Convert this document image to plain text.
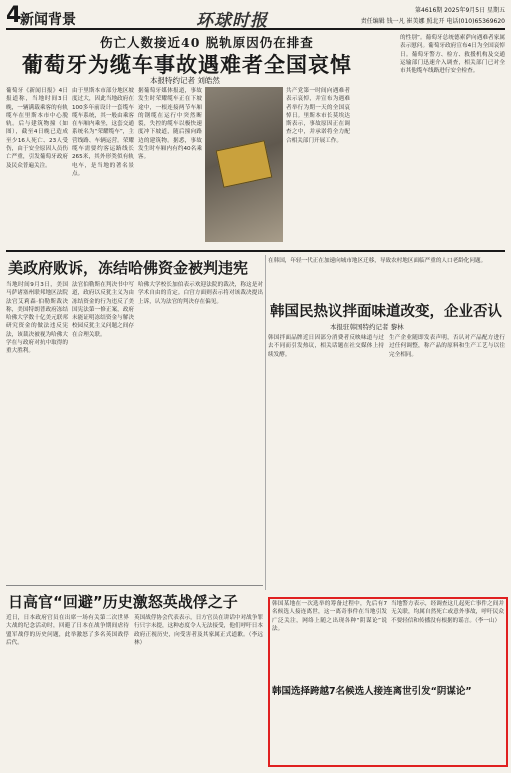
4
新闻背景	环球时报
第4616期 2025年9月5日 星期五
责任编辑 钱一凡 崔美娜 照北开 电话(010)65369620
伤亡人数接近40 脱轨原因仍在排查
葡萄牙为缆车事故遇难者全国哀悼
本报特约记者 刘皓然
葡萄牙《新闻日报》4日报道称，当地时间3日晚，一辆满载乘客的有轨缆车在里斯本市中心脱轨。后与建筑物撞（如图），截至4日晚已造成至少16人死亡、23人受伤，由于安全原因人员伤亡严重，引发葡萄牙政府及民众普遍关注。
由于里斯本市部分地区坡度过大，因此当地政府在100多年前设计一套缆车缆车系统，其一般由乘客在车厢内乘坐，这套交通系统名为“荣耀缆车”，主营线路、车辆运营。荣耀缆车需要约客运路线长265米，其外形类似有轨电车，是当地的著名景点。
据葡萄牙媒体报道，事故发生时荣耀缆车正在下坡途中，一根连接两节车厢的钢缆在运行中突然断裂，失控的缆车以极快速度冲下坡道，随后撞向路边的建筑物。据悉，事故发生时车厢内有约40名乘客。
共产党第一时间向遇难者表示哀悼，并宣布为遇难者举行为期一天的全国哀悼日。里斯本市长莫埃达斯表示，事故原因正在调查之中，并承诺将全力配合相关部门开展工作。
的性别”。葡萄牙总统德索萨向遇难者家属表示慰问。葡萄牙政府宣布4日为全国哀悼日。葡萄牙警方、检方、救援机构及交通运输部门迅速介入调查，相关部门已对全市其他缆车线路进行安全检查。
美政府败诉，冻结哈佛资金被判违宪
当地时间9月3日，美国马萨诸塞州联邦地区法院法官艾莉森·伯勒斯裁决称，美国特朗普政府冻结哈佛大学数十亿美元联邦研究资金的做法违反宪法，该裁决被视为哈佛大学在与政府对抗中取得的重大胜利。
法官伯勒斯在判决书中写道，政府以反犹主义为由冻结资金的行为违反了美国宪法第一修正案，政府未能证明冻结资金与解决校园反犹主义问题之间存在合理关联。
哈佛大学校长加伯表示欢迎法院的裁决，称这是对学术自由的肯定。白宫方面则表示将对该裁决提出上诉，认为法官的判决存在偏见。
在韩国，年轻一代正在加速向城市地区迁移，导致农村地区面临严重的人口老龄化问题。
韩国民热议拌面味道改变，企业否认
本报驻韩国特约记者 黎林
韩国拌面品牌近日因部分消费者反映味道与过去不同而引发热议，相关话题在社交媒体上持续发酵。
生产企业随即发表声明，否认对产品配方进行过任何调整，称产品的原料和生产工艺与以往完全相同。
日高官“回避”历史激怒英战俘之子
近日，日本政府官员在出席一场有关第二次世界大战的纪念活动时，回避了日本在战争期间虐待盟军战俘的历史问题，此举激怒了多名英国战俘后代。
英国战俘协会代表表示，日方官员在讲话中对战争罪行只字未提，这种态度令人无法接受，他们呼吁日本政府正视历史，向受害者及其家属正式道歉。（李远林）
韩国选择跨越7名候选人接连离世引发“阴谋论”
韩国某地在一次选举的筹备过程中，先后有7名候选人接连离世，这一离奇事件在当地引发广泛关注，网络上随之出现各种“阴谋论”说法。
当地警方表示，经调查这几起死亡事件之间并无关联，均属自然死亡或意外事故，呼吁民众不要轻信和传播没有根据的谣言。（李一山）
